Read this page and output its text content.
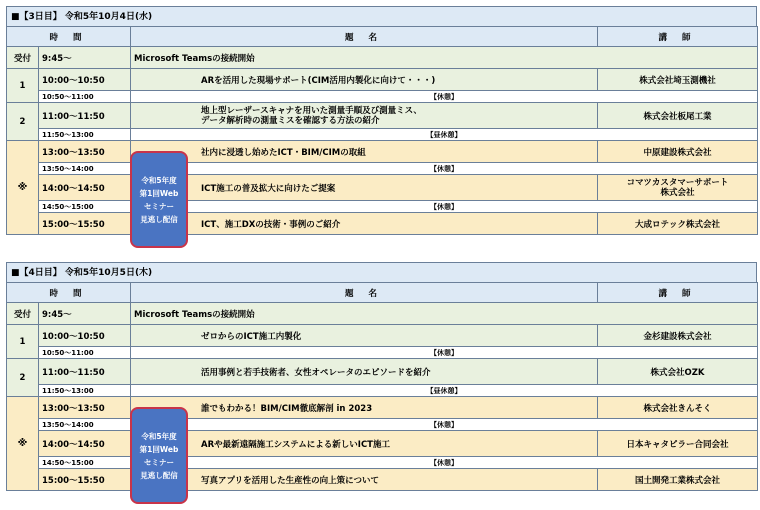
■【3日目】 令和5年10月4日(水)
時 間		題 名	講 師
受付	9:45～	Microsoft Teamsの接続開始	
1	10:00～10:50	ARを活用した現場サポート(CIM活用内製化に向けて・・・)	株式会社埼玉測機社
	10:50～11:00	【休憩】	
2	11:00～11:50	地上型レーザースキャナを用いた測量手順及び測量ミス、
データ解析時の測量ミスを確認する方法の紹介	株式会社板尾工業
	11:50～13:00	【昼休憩】	
※	13:00～13:50	社内に浸透し始めたICT・BIM/CIMの取組	中原建設株式会社
	13:50～14:00	【休憩】	
	14:00～14:50	ICT施工の普及拡大に向けたご提案	コマツカスタマーサポート
株式会社

	14:50～15:00	【休憩】	
	15:00～15:50	ICT、施工DXの技術・事例のご紹介	大成ロテック株式会社
令和5年度
第1回Web
セミナー
見逃し配信
■【4日目】 令和5年10月5日(木)
時 間		題 名	講 師
受付	9:45～	Microsoft Teamsの接続開始	
1	10:00～10:50	ゼロからのICT施工内製化	金杉建設株式会社
	10:50～11:00	【休憩】	
2	11:00～11:50	活用事例と若手技術者、女性オペレータのエピソードを紹介	株式会社OZK
	11:50～13:00	【昼休憩】	
※	13:00～13:50	誰でもわかる！BIM/CIM徹底解剖 in 2023	株式会社きんそく
	13:50～14:00	【休憩】	
	14:00～14:50	ARや最新遠隔施工システムによる新しいICT施工	日本キャタピラー合同会社
	14:50～15:00	【休憩】	
	15:00～15:50	写真アプリを活用した生産性の向上策について	国土開発工業株式会社
令和5年度
第1回Web
セミナー
見逃し配信
